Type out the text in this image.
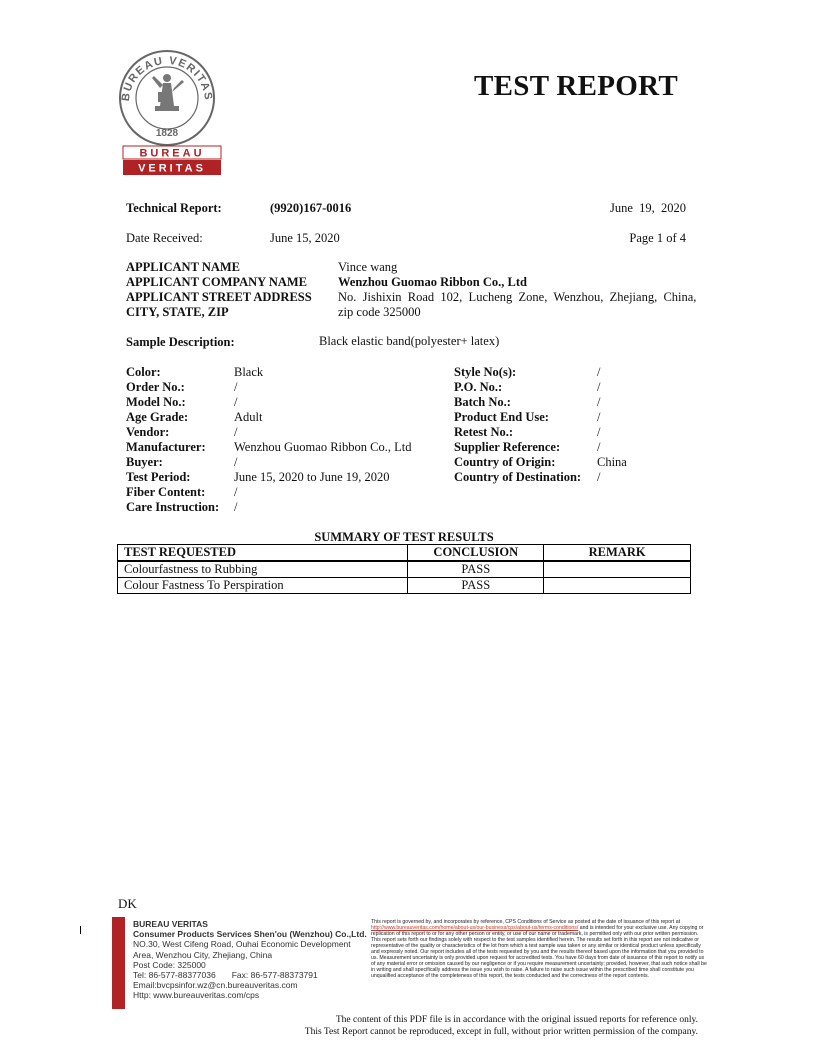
BUREAU VERITAS
1828
BUREAU
VERITAS
TEST REPORT
Technical Report:	(9920)167-0016	June  19,  2020
Date Received:	June 15, 2020	Page 1 of 4
APPLICANT NAME	Vince wang
APPLICANT COMPANY NAME Wenzhou Guomao Ribbon Co., Ltd
APPLICANT STREET ADDRESS No.  Jishixin  Road  102,  Lucheng  Zone,  Wenzhou,  Zhejiang,  China,
CITY, STATE, ZIP	zip code 325000
Sample Description:	Black elastic band(polyester+ latex)
Color:	Black
Order No.:	/
Model No.:	/
Age Grade:	Adult
Vendor:	/
Manufacturer: Wenzhou Guomao Ribbon Co., Ltd
Buyer:	/
Test Period:	June 15, 2020 to June 19, 2020
Fiber Content: /
Care Instruction: /
Style No(s):	/
P.O. No.:	/
Batch No.:	/
Product End Use:	/
Retest No.:	/
Supplier Reference:	/
Country of Origin:	China
Country of Destination: /
SUMMARY OF TEST RESULTS
TEST REQUESTED	CONCLUSION	REMARK
Colourfastness to Rubbing	PASS	
Colour Fastness To Perspiration	PASS	
DK
BUREAU VERITAS
Consumer Products Services Shen'ou (Wenzhou) Co.,Ltd.
NO.30, West Cifeng Road, Ouhai Economic Development
Area, Wenzhou City, Zhejiang, China
Post Code: 325000
Tel: 86-577-88377036 Fax: 86-577-88373791
Email:bvcpsinfor.wz@cn.bureauveritas.com
Http: www.bureauveritas.com/cps
This report is governed by, and incorporates by reference, CPS Conditions of Service as posted at the date of issuance of this report at http://www.bureauveritas.com/home/about-us/our-business/cps/about-us/terms-conditions/ and is intended for your exclusive use. Any copying or replication of this report to or for any other person or entity, or use of our name or trademark, is permitted only with our prior written permission. This report sets forth our findings solely with respect to the test samples identified herein. The results set forth in this report are not indicative or representative of the quality or characteristics of the lot from which a test sample was taken or any similar or identical product unless specifically and expressly noted. Our report includes all of the tests requested by you and the results thereof based upon the information that you provided to us. Measurement uncertainty is only provided upon request for accredited tests. You have 60 days from date of issuance of this report to notify us of any material error or omission caused by our negligence or if you require measurement uncertainty; provided, however, that such notice shall be in writing and shall specifically address the issue you wish to raise. A failure to raise such issue within the prescribed time shall constitute you unqualified acceptance of the completeness of this report, the tests conducted and the correctness of the report contents.
The content of this PDF file is in accordance with the original issued reports for reference only.
This Test Report cannot be reproduced, except in full, without prior written permission of the company.
